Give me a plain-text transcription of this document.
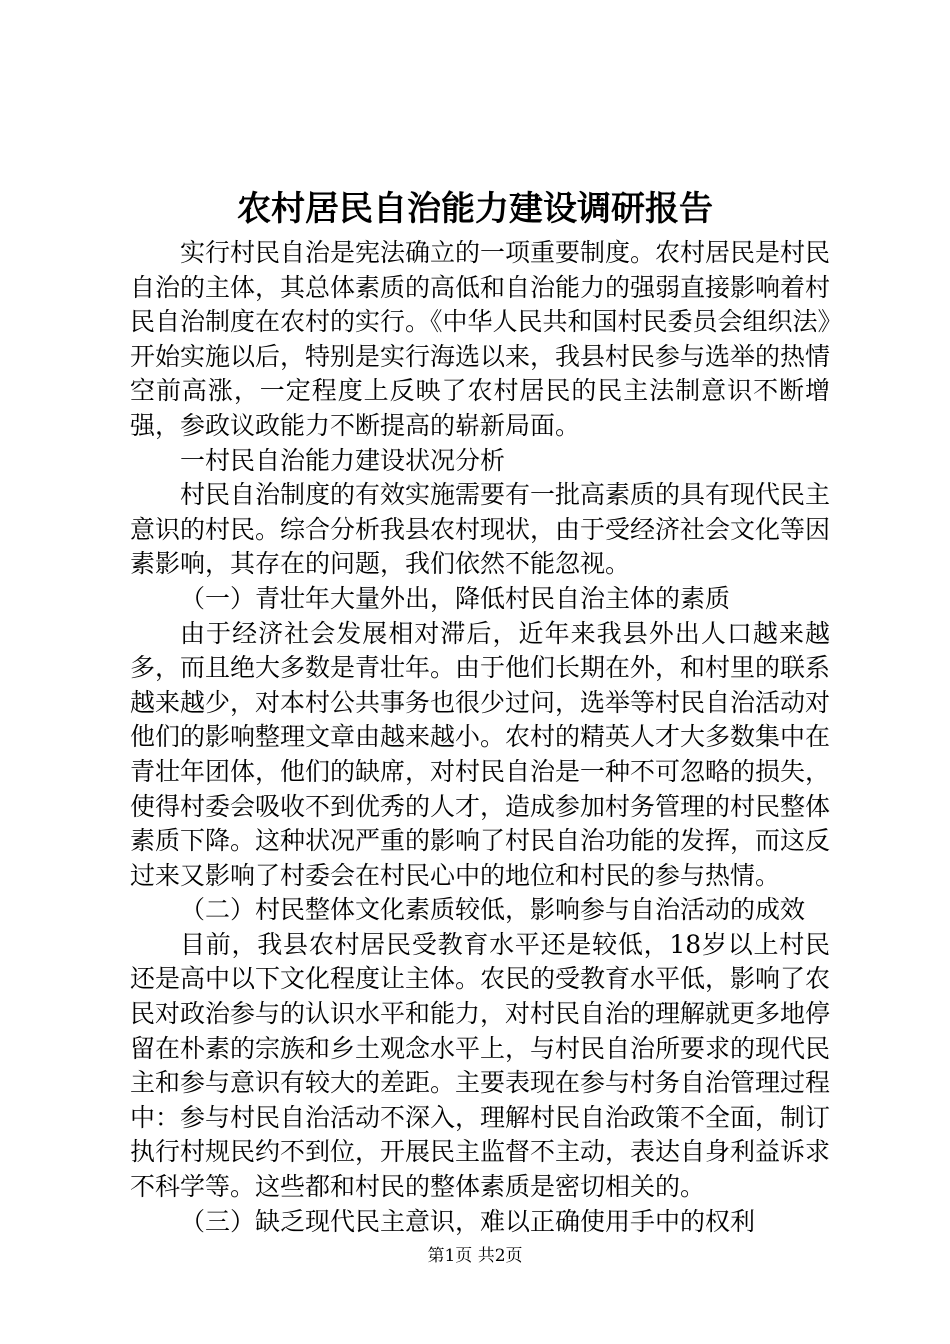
农村居民自治能力建设调研报告

实行村民自治是宪法确立的一项重要制度。农村居民是村民自治的主体，其总体素质的高低和自治能力的强弱直接影响着村民自治制度在农村的实行。《中华人民共和国村民委员会组织法》开始实施以后，特别是实行海选以来，我县村民参与选举的热情空前高涨，一定程度上反映了农村居民的民主法制意识不断增强，参政议政能力不断提高的崭新局面。

一村民自治能力建设状况分析

村民自治制度的有效实施需要有一批高素质的具有现代民主意识的村民。综合分析我县农村现状，由于受经济社会文化等因素影响，其存在的问题，我们依然不能忽视。

（一）青壮年大量外出，降低村民自治主体的素质

由于经济社会发展相对滞后，近年来我县外出人口越来越多，而且绝大多数是青壮年。由于他们长期在外，和村里的联系越来越少，对本村公共事务也很少过问，选举等村民自治活动对他们的影响整理文章由越来越小。农村的精英人才大多数集中在青壮年团体，他们的缺席，对村民自治是一种不可忽略的损失，使得村委会吸收不到优秀的人才，造成参加村务管理的村民整体素质下降。这种状况严重的影响了村民自治功能的发挥，而这反过来又影响了村委会在村民心中的地位和村民的参与热情。

（二）村民整体文化素质较低，影响参与自治活动的成效

目前，我县农村居民受教育水平还是较低，18岁以上村民还是高中以下文化程度让主体。农民的受教育水平低，影响了农民对政治参与的认识水平和能力，对村民自治的理解就更多地停留在朴素的宗族和乡土观念水平上，与村民自治所要求的现代民主和参与意识有较大的差距。主要表现在参与村务自治管理过程中：参与村民自治活动不深入，理解村民自治政策不全面，制订执行村规民约不到位，开展民主监督不主动，表达自身利益诉求不科学等。这些都和村民的整体素质是密切相关的。

（三）缺乏现代民主意识，难以正确使用手中的权利

第1页 共2页
